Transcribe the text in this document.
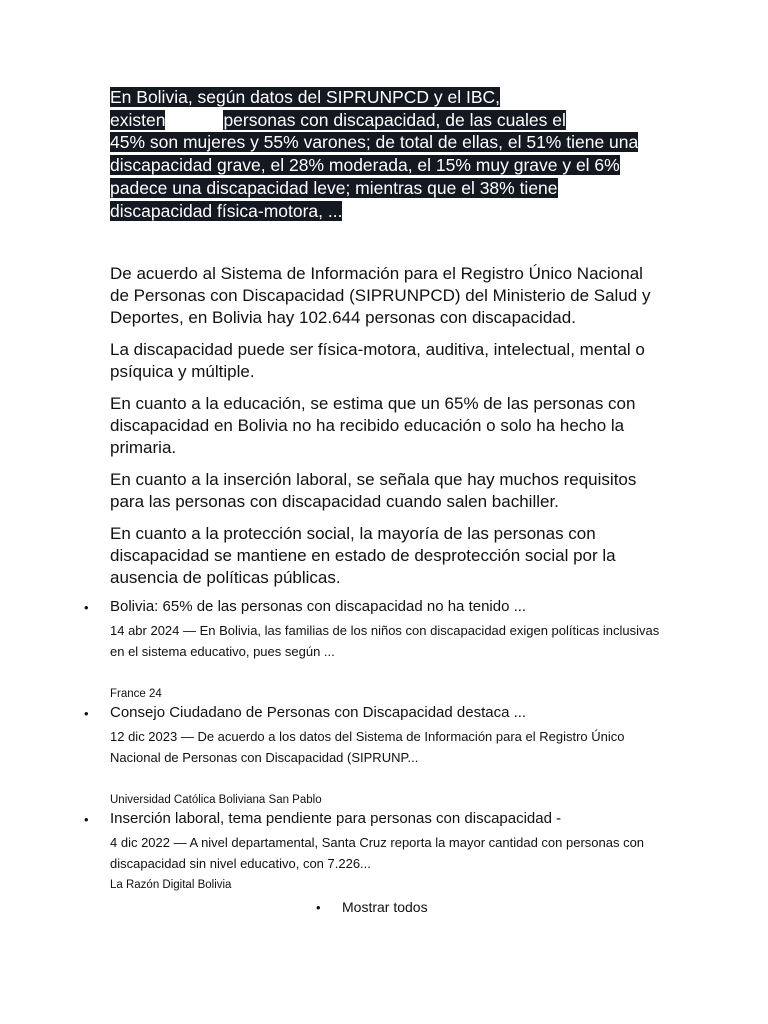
En Bolivia, según datos del SIPRUNPCD y el IBC,
existen	personas con discapacidad, de las cuales el
45% son mujeres y 55% varones; de total de ellas, el 51% tiene una discapacidad grave, el 28% moderada, el 15% muy grave y el 6% padece una discapacidad leve; mientras que el 38% tiene discapacidad física-motora, ...

De acuerdo al Sistema de Información para el Registro Único Nacional de Personas con Discapacidad (SIPRUNPCD) del Ministerio de Salud y Deportes, en Bolivia hay 102.644 personas con discapacidad.

La discapacidad puede ser física-motora, auditiva, intelectual, mental o psíquica y múltiple.

En cuanto a la educación, se estima que un 65% de las personas con discapacidad en Bolivia no ha recibido educación o solo ha hecho la primaria.

En cuanto a la inserción laboral, se señala que hay muchos requisitos para las personas con discapacidad cuando salen bachiller.

En cuanto a la protección social, la mayoría de las personas con discapacidad se mantiene en estado de desprotección social por la ausencia de políticas públicas.

• Bolivia: 65% de las personas con discapacidad no ha tenido ...
14 abr 2024 — En Bolivia, las familias de los niños con discapacidad exigen políticas inclusivas en el sistema educativo, pues según ...
France 24
• Consejo Ciudadano de Personas con Discapacidad destaca ...
12 dic 2023 — De acuerdo a los datos del Sistema de Información para el Registro Único Nacional de Personas con Discapacidad (SIPRUNP...
Universidad Católica Boliviana San Pablo
• Inserción laboral, tema pendiente para personas con discapacidad -
4 dic 2022 — A nivel departamental, Santa Cruz reporta la mayor cantidad con personas con discapacidad sin nivel educativo, con 7.226...
La Razón Digital Bolivia
• Mostrar todos
